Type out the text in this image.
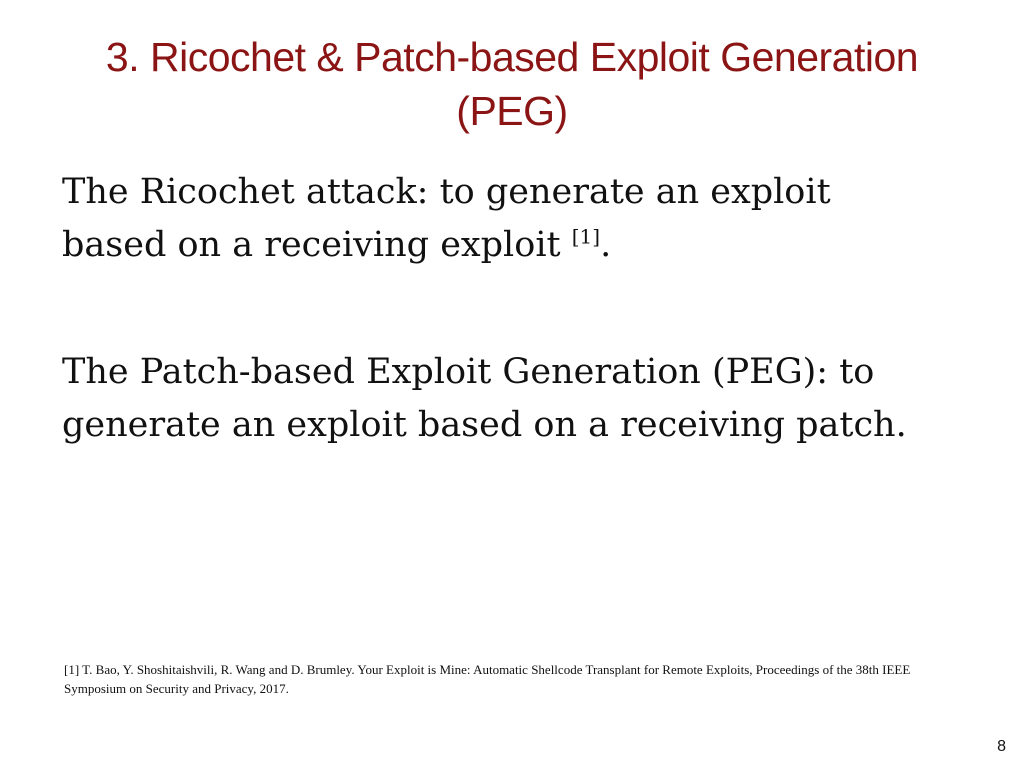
3. Ricochet & Patch-based Exploit Generation
(PEG)
The Ricochet attack: to generate an exploit
based on a receiving exploit [1].
The Patch-based Exploit Generation (PEG): to
generate an exploit based on a receiving patch.
[1] T. Bao, Y. Shoshitaishvili, R. Wang and D. Brumley. Your Exploit is Mine: Automatic Shellcode Transplant for Remote Exploits, Proceedings of the 38th IEEE
Symposium on Security and Privacy, 2017.
8
